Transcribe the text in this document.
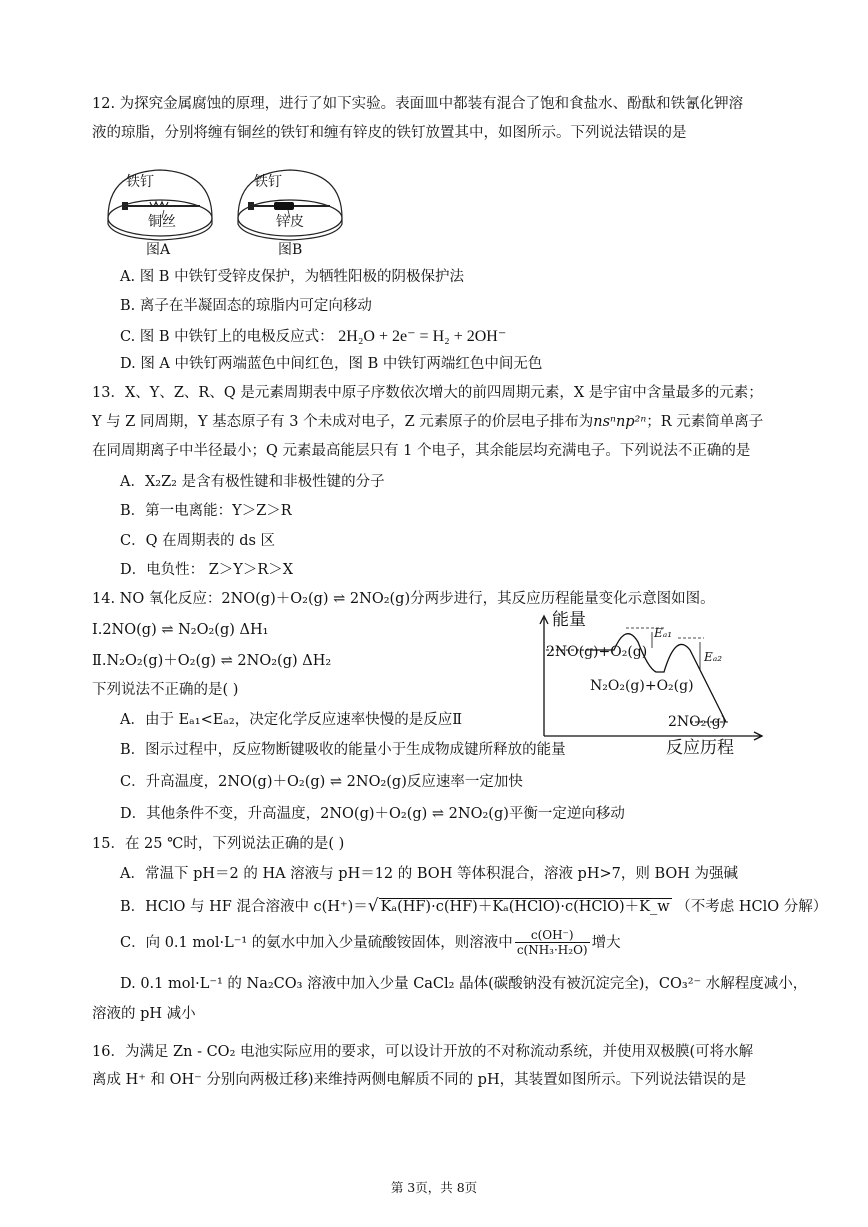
12. 为探究金属腐蚀的原理，进行了如下实验。表面皿中都装有混合了饱和食盐水、酚酞和铁氰化钾溶
液的琼脂，分别将缠有铜丝的铁钉和缠有锌皮的铁钉放置其中，如图所示。下列说法错误的是
铁钉
铜丝
图A
铁钉
锌皮
图B
A. 图 B 中铁钉受锌皮保护，为牺牲阳极的阴极保护法
B. 离子在半凝固态的琼脂内可定向移动
C. 图 B 中铁钉上的电极反应式： 2H₂O + 2e⁻ = H₂ + 2OH⁻
D. 图 A 中铁钉两端蓝色中间红色，图 B 中铁钉两端红色中间无色
13．X、Y、Z、R、Q 是元素周期表中原子序数依次增大的前四周期元素，X 是宇宙中含量最多的元素；
Y 与 Z 同周期，Y 基态原子有 3 个未成对电子，Z 元素原子的价层电子排布为nsⁿnp²ⁿ；R 元素简单离子
在同周期离子中半径最小；Q 元素最高能层只有 1 个电子，其余能层均充满电子。下列说法不正确的是
A．X₂Z₂ 是含有极性键和非极性键的分子
B．第一电离能：Y＞Z＞R
C．Q 在周期表的 ds 区
D．电负性： Z＞Y＞R＞X
14. NO 氧化反应：2NO(g)＋O₂(g) ⇌ 2NO₂(g)分两步进行，其反应历程能量变化示意图如图。
Ⅰ.2NO(g) ⇌ N₂O₂(g) ΔH₁
Ⅱ.N₂O₂(g)＋O₂(g) ⇌ 2NO₂(g) ΔH₂
下列说法不正确的是( )
能量
2NO(g)+O₂(g)
N₂O₂(g)+O₂(g)
2NO₂(g)
Eₐ₁
Eₐ₂
反应历程
A．由于 Eₐ₁<Eₐ₂，决定化学反应速率快慢的是反应Ⅱ
B．图示过程中，反应物断键吸收的能量小于生成物成键所释放的能量
C．升高温度，2NO(g)＋O₂(g) ⇌ 2NO₂(g)反应速率一定加快
D．其他条件不变，升高温度，2NO(g)＋O₂(g) ⇌ 2NO₂(g)平衡一定逆向移动
15．在 25 ℃时，下列说法正确的是( )
A．常温下 pH＝2 的 HA 溶液与 pH＝12 的 BOH 等体积混合，溶液 pH>7，则 BOH 为强碱
B．HClO 与 HF 混合溶液中 c(H⁺)＝√ Kₐ(HF)·c(HF)＋Kₐ(HClO)·c(HClO)＋K_w （不考虑 HClO 分解）
C．向 0.1 mol·L⁻¹ 的氨水中加入少量硫酸铵固体，则溶液中 $\frac{c(OH^-)}{\text{c(NH₃·H₂O)}}$ 增大
D. 0.1 mol·L⁻¹ 的 Na₂CO₃ 溶液中加入少量 CaCl₂ 晶体(碳酸钠没有被沉淀完全)，CO₃²⁻ 水解程度减小，
溶液的 pH 减小
16．为满足 Zn - CO₂ 电池实际应用的要求，可以设计开放的不对称流动系统，并使用双极膜(可将水解
离成 H⁺ 和 OH⁻ 分别向两极迁移)来维持两侧电解质不同的 pH，其装置如图所示。下列说法错误的是
第 3页，共 8页
